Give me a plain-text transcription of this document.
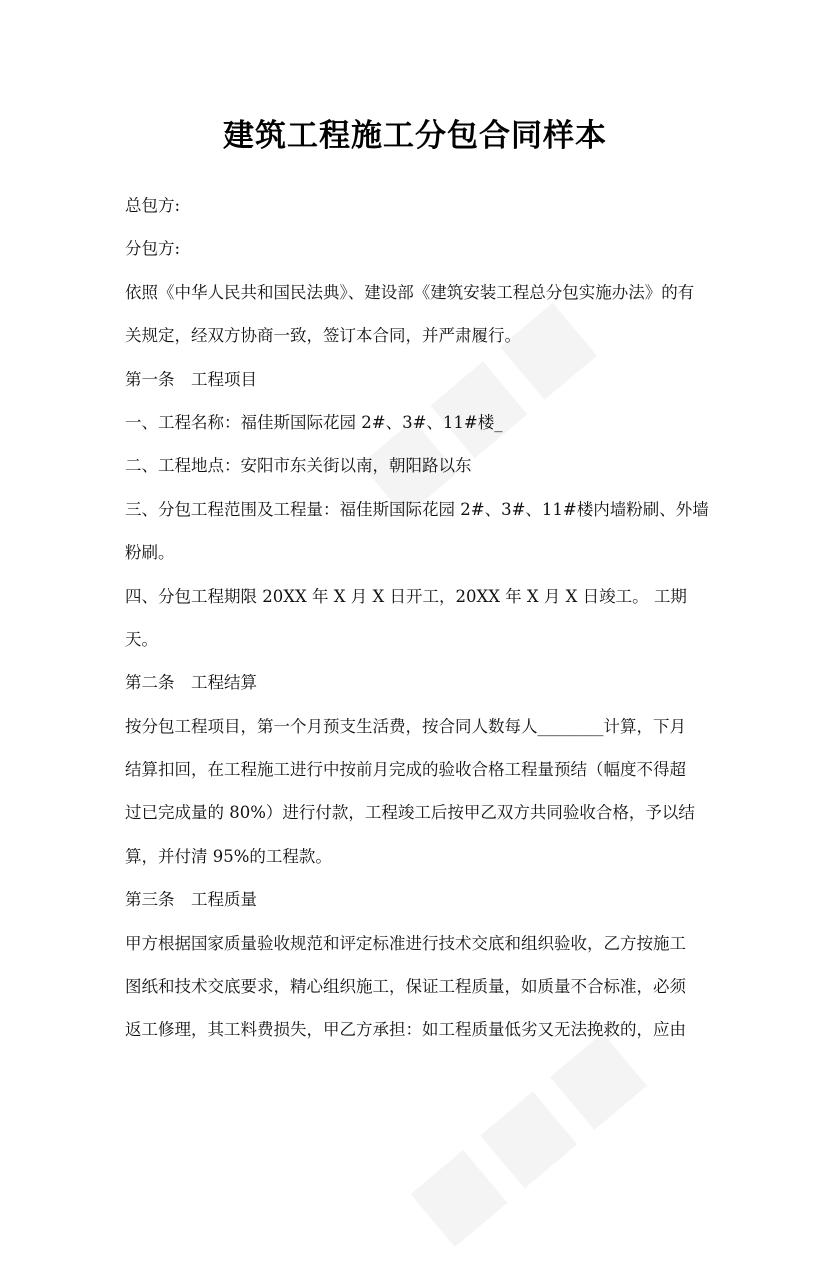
建筑工程施工分包合同样本
总包方:
分包方:
依照《中华人民共和国民法典》、建设部《建筑安装工程总分包实施办法》的有
关规定，经双方协商一致，签订本合同，并严肃履行。
第一条　工程项目
一、工程名称：福佳斯国际花园 2#、3#、11#楼_
二、工程地点：安阳市东关街以南，朝阳路以东
三、分包工程范围及工程量：福佳斯国际花园 2#、3#、11#楼内墙粉刷、外墙
粉刷。
四、分包工程期限 20XX 年 X 月 X 日开工，20XX 年 X 月 X 日竣工。 工期
天。
第二条　工程结算
按分包工程项目，第一个月预支生活费，按合同人数每人________计算，下月
结算扣回，在工程施工进行中按前月完成的验收合格工程量预结（幅度不得超
过已完成量的 80%）进行付款，工程竣工后按甲乙双方共同验收合格，予以结
算，并付清 95%的工程款。
第三条　工程质量
甲方根据国家质量验收规范和评定标准进行技术交底和组织验收，乙方按施工
图纸和技术交底要求，精心组织施工，保证工程质量，如质量不合标准，必须
返工修理，其工料费损失，甲乙方承担：如工程质量低劣又无法挽救的，应由
